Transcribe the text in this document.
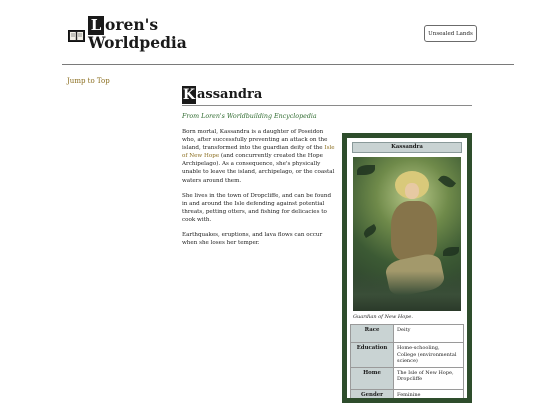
L oren's
Worldpedia	Unsealed Lands
Jump to Top
K assandra
From Loren's Worldbuilding Encyclopedia

Born mortal, Kassandra is a daughter of Poseidon who, after successfully preventing an attack on the island, transformed into the guardian deity of the Isle of New Hope (and concurrently created the Hope Archipelago). As a consequence, she's physically unable to leave the island, archipelago, or the coastal waters around them.

She lives in the town of Dropcliffe, and can be found in and around the Isle defending against potential threats, petting otters, and fishing for delicacies to cook with.

Earthquakes, eruptions, and lava flows can occur when she loses her temper.

Kassandra
Guardian of New Hope.
Race	Deity
Education	Home-schooling, College (environmental science)
Home	The Isle of New Hope, Dropcliffe
Gender	Feminine
